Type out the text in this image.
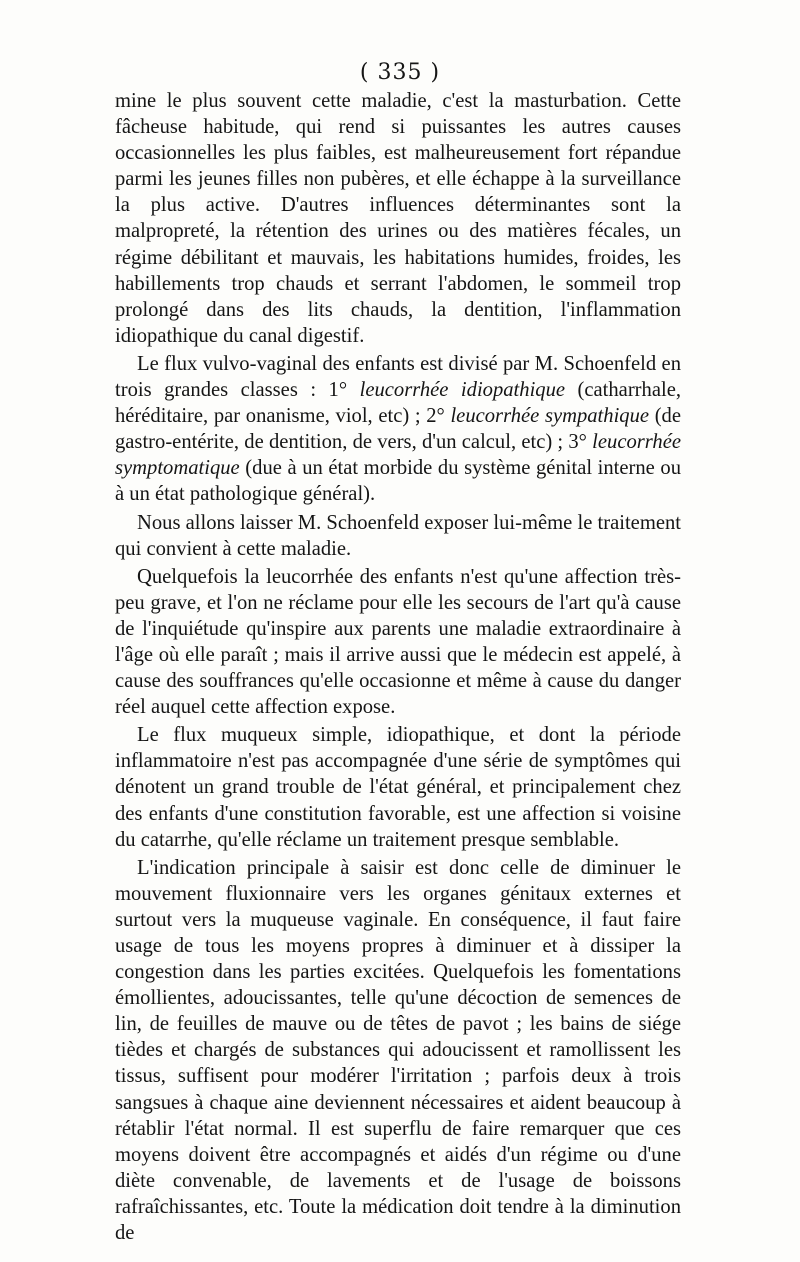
( 335 )

mine le plus souvent cette maladie, c'est la masturbation. Cette fâcheuse habitude, qui rend si puissantes les autres causes occasionnelles les plus faibles, est malheureusement fort répandue parmi les jeunes filles non pubères, et elle échappe à la surveillance la plus active. D'autres influences déterminantes sont la malpropreté, la rétention des urines ou des matières fécales, un régime débilitant et mauvais, les habitations humides, froides, les habillements trop chauds et serrant l'abdomen, le sommeil trop prolongé dans des lits chauds, la dentition, l'inflammation idiopathique du canal digestif.

Le flux vulvo-vaginal des enfants est divisé par M. Schoenfeld en trois grandes classes : 1° leucorrhée idiopathique (catharrhale, héréditaire, par onanisme, viol, etc) ; 2° leucorrhée sympathique (de gastro-entérite, de dentition, de vers, d'un calcul, etc) ; 3° leucorrhée symptomatique (due à un état morbide du système génital interne ou à un état pathologique général).

Nous allons laisser M. Schoenfeld exposer lui-même le traitement qui convient à cette maladie.

Quelquefois la leucorrhée des enfants n'est qu'une affection très-peu grave, et l'on ne réclame pour elle les secours de l'art qu'à cause de l'inquiétude qu'inspire aux parents une maladie extraordinaire à l'âge où elle paraît ; mais il arrive aussi que le médecin est appelé, à cause des souffrances qu'elle occasionne et même à cause du danger réel auquel cette affection expose.

Le flux muqueux simple, idiopathique, et dont la période inflammatoire n'est pas accompagnée d'une série de symptômes qui dénotent un grand trouble de l'état général, et principalement chez des enfants d'une constitution favorable, est une affection si voisine du catarrhe, qu'elle réclame un traitement presque semblable.

L'indication principale à saisir est donc celle de diminuer le mouvement fluxionnaire vers les organes génitaux externes et surtout vers la muqueuse vaginale. En conséquence, il faut faire usage de tous les moyens propres à diminuer et à dissiper la congestion dans les parties excitées. Quelquefois les fomentations émollientes, adoucissantes, telle qu'une décoction de semences de lin, de feuilles de mauve ou de têtes de pavot ; les bains de siége tièdes et chargés de substances qui adoucissent et ramollissent les tissus, suffisent pour modérer l'irritation ; parfois deux à trois sangsues à chaque aine deviennent nécessaires et aident beaucoup à rétablir l'état normal. Il est superflu de faire remarquer que ces moyens doivent être accompagnés et aidés d'un régime ou d'une diète convenable, de lavements et de l'usage de boissons rafraîchissantes, etc. Toute la médication doit tendre à la diminution de
